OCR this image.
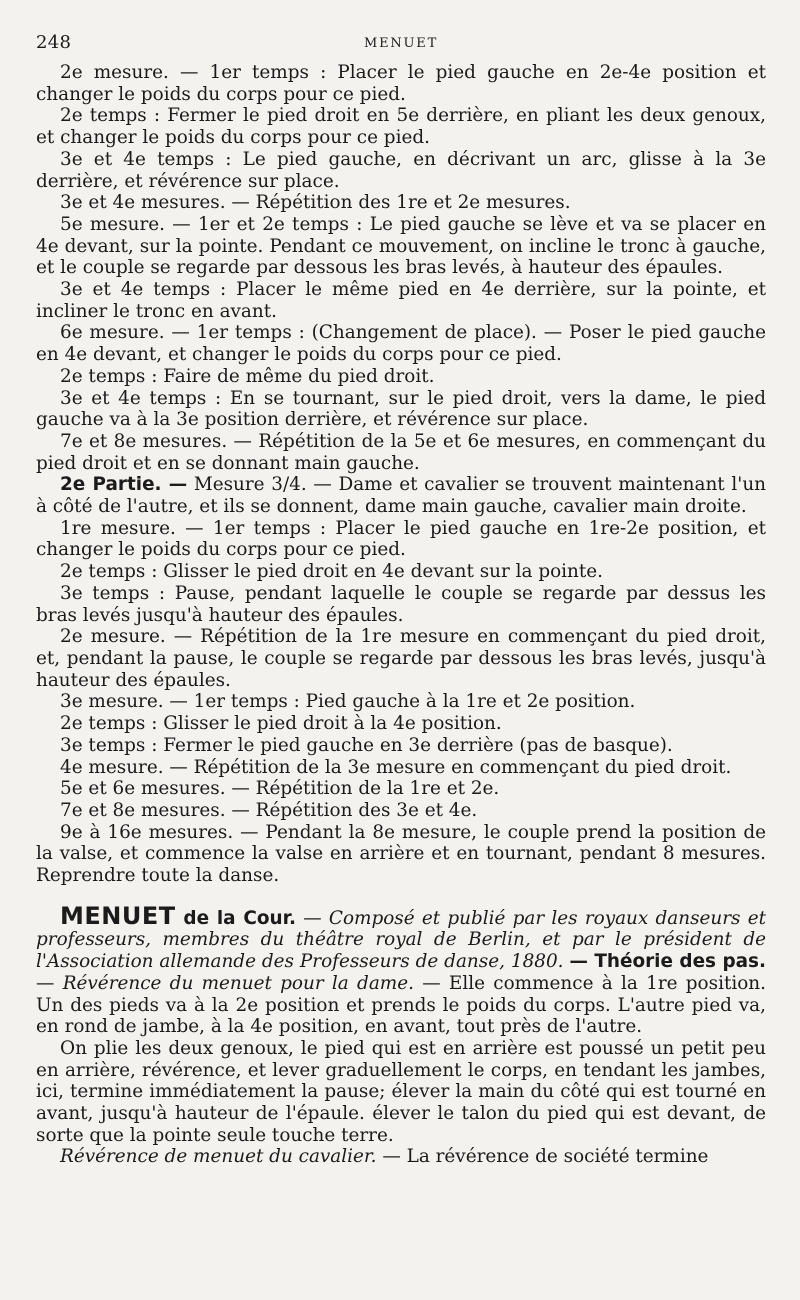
248	MENUET

2e mesure. — 1er temps : Placer le pied gauche en 2e-4e position et changer le poids du corps pour ce pied.

2e temps : Fermer le pied droit en 5e derrière, en pliant les deux genoux, et changer le poids du corps pour ce pied.

3e et 4e temps : Le pied gauche, en décrivant un arc, glisse à la 3e derrière, et révérence sur place.

3e et 4e mesures. — Répétition des 1re et 2e mesures.

5e mesure. — 1er et 2e temps : Le pied gauche se lève et va se placer en 4e devant, sur la pointe. Pendant ce mouvement, on incline le tronc à gauche, et le couple se regarde par dessous les bras levés, à hauteur des épaules.

3e et 4e temps : Placer le même pied en 4e derrière, sur la pointe, et incliner le tronc en avant.

6e mesure. — 1er temps : (Changement de place). — Poser le pied gauche en 4e devant, et changer le poids du corps pour ce pied.

2e temps : Faire de même du pied droit.

3e et 4e temps : En se tournant, sur le pied droit, vers la dame, le pied gauche va à la 3e position derrière, et révérence sur place.

7e et 8e mesures. — Répétition de la 5e et 6e mesures, en commençant du pied droit et en se donnant main gauche.

2e Partie. — Mesure 3/4. — Dame et cavalier se trouvent maintenant l'un à côté de l'autre, et ils se donnent, dame main gauche, cavalier main droite.

1re mesure. — 1er temps : Placer le pied gauche en 1re-2e position, et changer le poids du corps pour ce pied.

2e temps : Glisser le pied droit en 4e devant sur la pointe.

3e temps : Pause, pendant laquelle le couple se regarde par dessus les bras levés jusqu'à hauteur des épaules.

2e mesure. — Répétition de la 1re mesure en commençant du pied droit, et, pendant la pause, le couple se regarde par dessous les bras levés, jusqu'à hauteur des épaules.

3e mesure. — 1er temps : Pied gauche à la 1re et 2e position.

2e temps : Glisser le pied droit à la 4e position.

3e temps : Fermer le pied gauche en 3e derrière (pas de basque).

4e mesure. — Répétition de la 3e mesure en commençant du pied droit.

5e et 6e mesures. — Répétition de la 1re et 2e.

7e et 8e mesures. — Répétition des 3e et 4e.

9e à 16e mesures. — Pendant la 8e mesure, le couple prend la position de la valse, et commence la valse en arrière et en tournant, pendant 8 mesures. Reprendre toute la danse.

MENUET de la Cour. — Composé et publié par les royaux danseurs et professeurs, membres du théâtre royal de Berlin, et par le président de l'Association allemande des Professeurs de danse, 1880. — Théorie des pas. — Révérence du menuet pour la dame. — Elle commence à la 1re position. Un des pieds va à la 2e position et prends le poids du corps. L'autre pied va, en rond de jambe, à la 4e position, en avant, tout près de l'autre.

On plie les deux genoux, le pied qui est en arrière est poussé un petit peu en arrière, révérence, et lever graduellement le corps, en tendant les jambes, ici, termine immédiatement la pause; élever la main du côté qui est tourné en avant, jusqu'à hauteur de l'épaule. élever le talon du pied qui est devant, de sorte que la pointe seule touche terre.

Révérence de menuet du cavalier. — La révérence de société termine
